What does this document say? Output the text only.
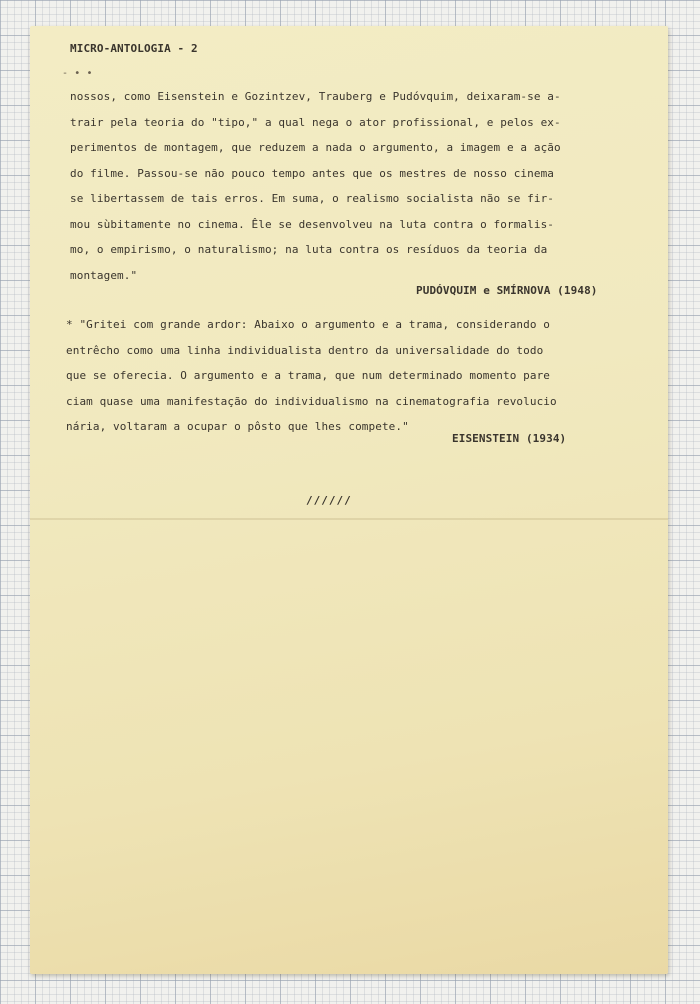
MICRO-ANTOLOGIA - 2
- • •
nossos, como Eisenstein e Gozintzev, Trauberg e Pudóvquim, deixaram-se a-
trair pela teoria do "tipo," a qual nega o ator profissional, e pelos ex-
perimentos de montagem, que reduzem a nada o argumento, a imagem e a ação
do filme. Passou-se não pouco tempo antes que os mestres de nosso cinema
se libertassem de tais erros. Em suma, o realismo socialista não se fir-
mou sùbitamente no cinema. Êle se desenvolveu na luta contra o formalis-
mo, o empirismo, o naturalismo; na luta contra os resíduos da teoria da
montagem."
PUDÓVQUIM e SMÍRNOVA (1948)
* "Gritei com grande ardor: Abaixo o argumento e a trama, considerando o
entrêcho como uma linha individualista dentro da universalidade do todo
que se oferecia. O argumento e a trama, que num determinado momento pare
ciam quase uma manifestação do individualismo na cinematografia revolucio
nária, voltaram a ocupar o pôsto que lhes compete."
EISENSTEIN (1934)
//////
